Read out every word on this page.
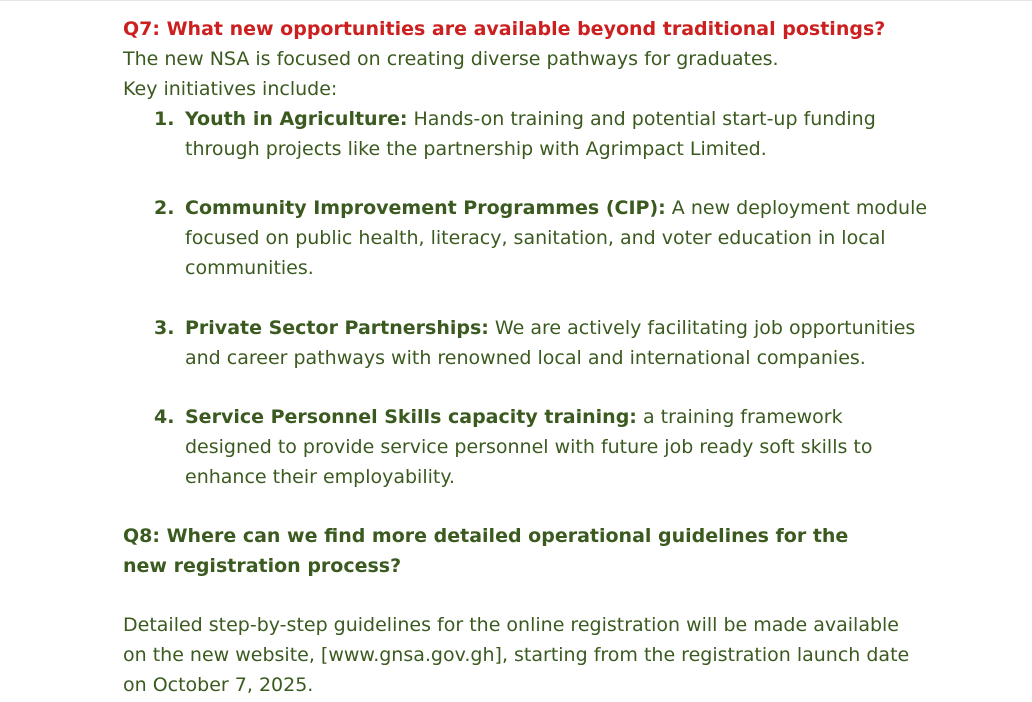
Q7: What new opportunities are available beyond traditional postings?
The new NSA is focused on creating diverse pathways for graduates.
Key initiatives include:
1. Youth in Agriculture: Hands-on training and potential start-up funding through projects like the partnership with Agrimpact Limited.
2. Community Improvement Programmes (CIP): A new deployment module focused on public health, literacy, sanitation, and voter education in local communities.
3. Private Sector Partnerships: We are actively facilitating job opportunities and career pathways with renowned local and international companies.
4. Service Personnel Skills capacity training: a training framework designed to provide service personnel with future job ready soft skills to enhance their employability.
Q8: Where can we find more detailed operational guidelines for the new registration process?
Detailed step-by-step guidelines for the online registration will be made available on the new website, [www.gnsa.gov.gh], starting from the registration launch date on October 7, 2025.
